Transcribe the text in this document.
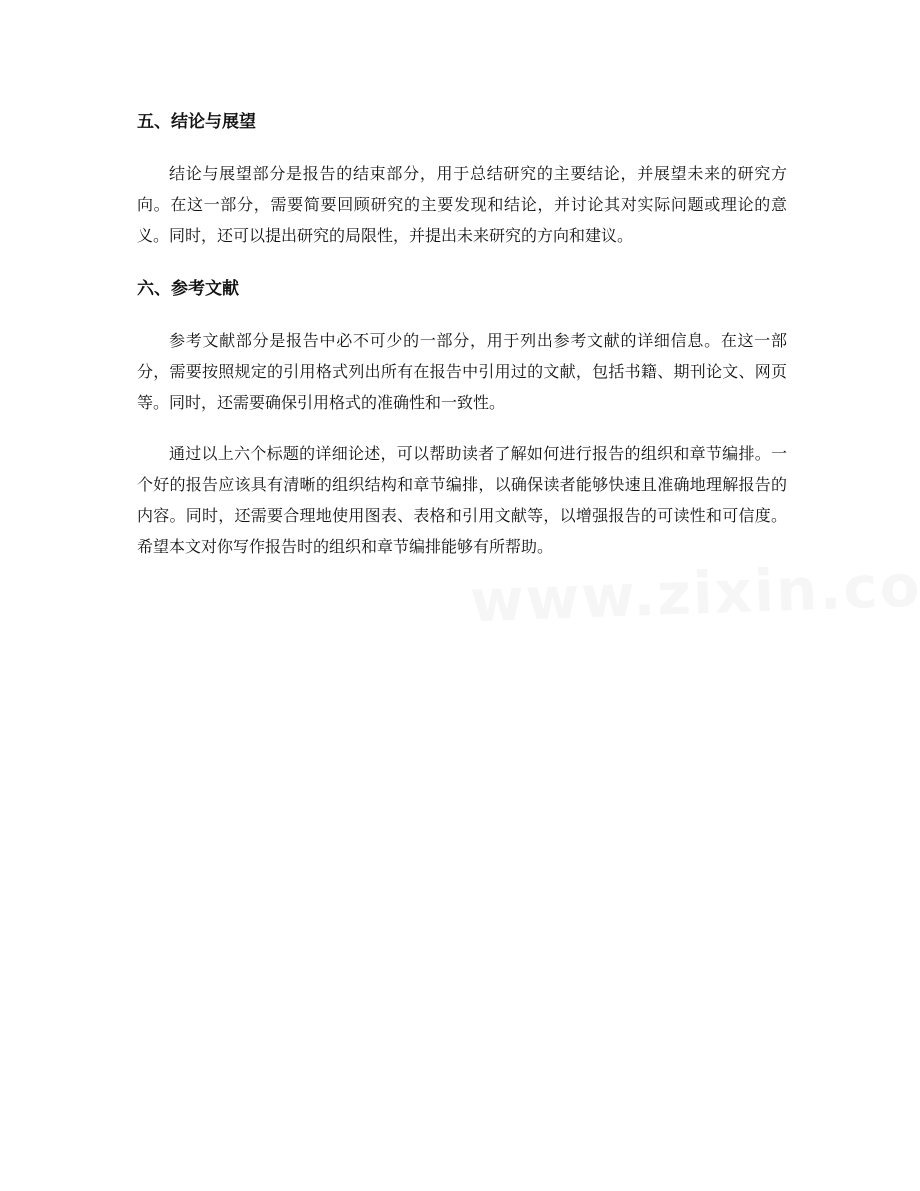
五、结论与展望

结论与展望部分是报告的结束部分，用于总结研究的主要结论，并展望未来的研究方向。在这一部分，需要简要回顾研究的主要发现和结论，并讨论其对实际问题或理论的意义。同时，还可以提出研究的局限性，并提出未来研究的方向和建议。

六、参考文献

参考文献部分是报告中必不可少的一部分，用于列出参考文献的详细信息。在这一部分，需要按照规定的引用格式列出所有在报告中引用过的文献，包括书籍、期刊论文、网页等。同时，还需要确保引用格式的准确性和一致性。

通过以上六个标题的详细论述，可以帮助读者了解如何进行报告的组织和章节编排。一个好的报告应该具有清晰的组织结构和章节编排，以确保读者能够快速且准确地理解报告的内容。同时，还需要合理地使用图表、表格和引用文献等，以增强报告的可读性和可信度。希望本文对你写作报告时的组织和章节编排能够有所帮助。
